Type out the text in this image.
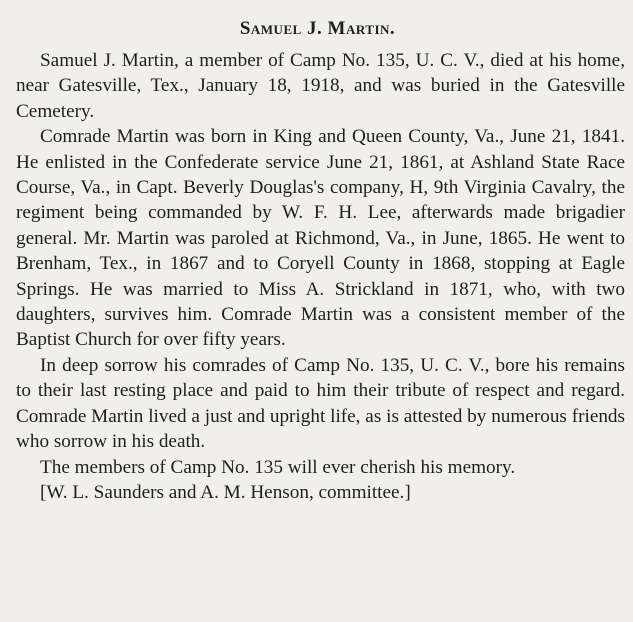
Samuel J. Martin.

Samuel J. Martin, a member of Camp No. 135, U. C. V., died at his home, near Gatesville, Tex., January 18, 1918, and was buried in the Gatesville Cemetery.

Comrade Martin was born in King and Queen County, Va., June 21, 1841. He enlisted in the Confederate service June 21, 1861, at Ashland State Race Course, Va., in Capt. Beverly Douglas's company, H, 9th Virginia Cavalry, the regiment being commanded by W. F. H. Lee, afterwards made brigadier general. Mr. Martin was paroled at Richmond, Va., in June, 1865. He went to Brenham, Tex., in 1867 and to Coryell County in 1868, stopping at Eagle Springs. He was married to Miss A. Strickland in 1871, who, with two daughters, survives him. Comrade Martin was a consistent member of the Baptist Church for over fifty years.

In deep sorrow his comrades of Camp No. 135, U. C. V., bore his remains to their last resting place and paid to him their tribute of respect and regard. Comrade Martin lived a just and upright life, as is attested by numerous friends who sorrow in his death.

The members of Camp No. 135 will ever cherish his memory.

[W. L. Saunders and A. M. Henson, committee.]
